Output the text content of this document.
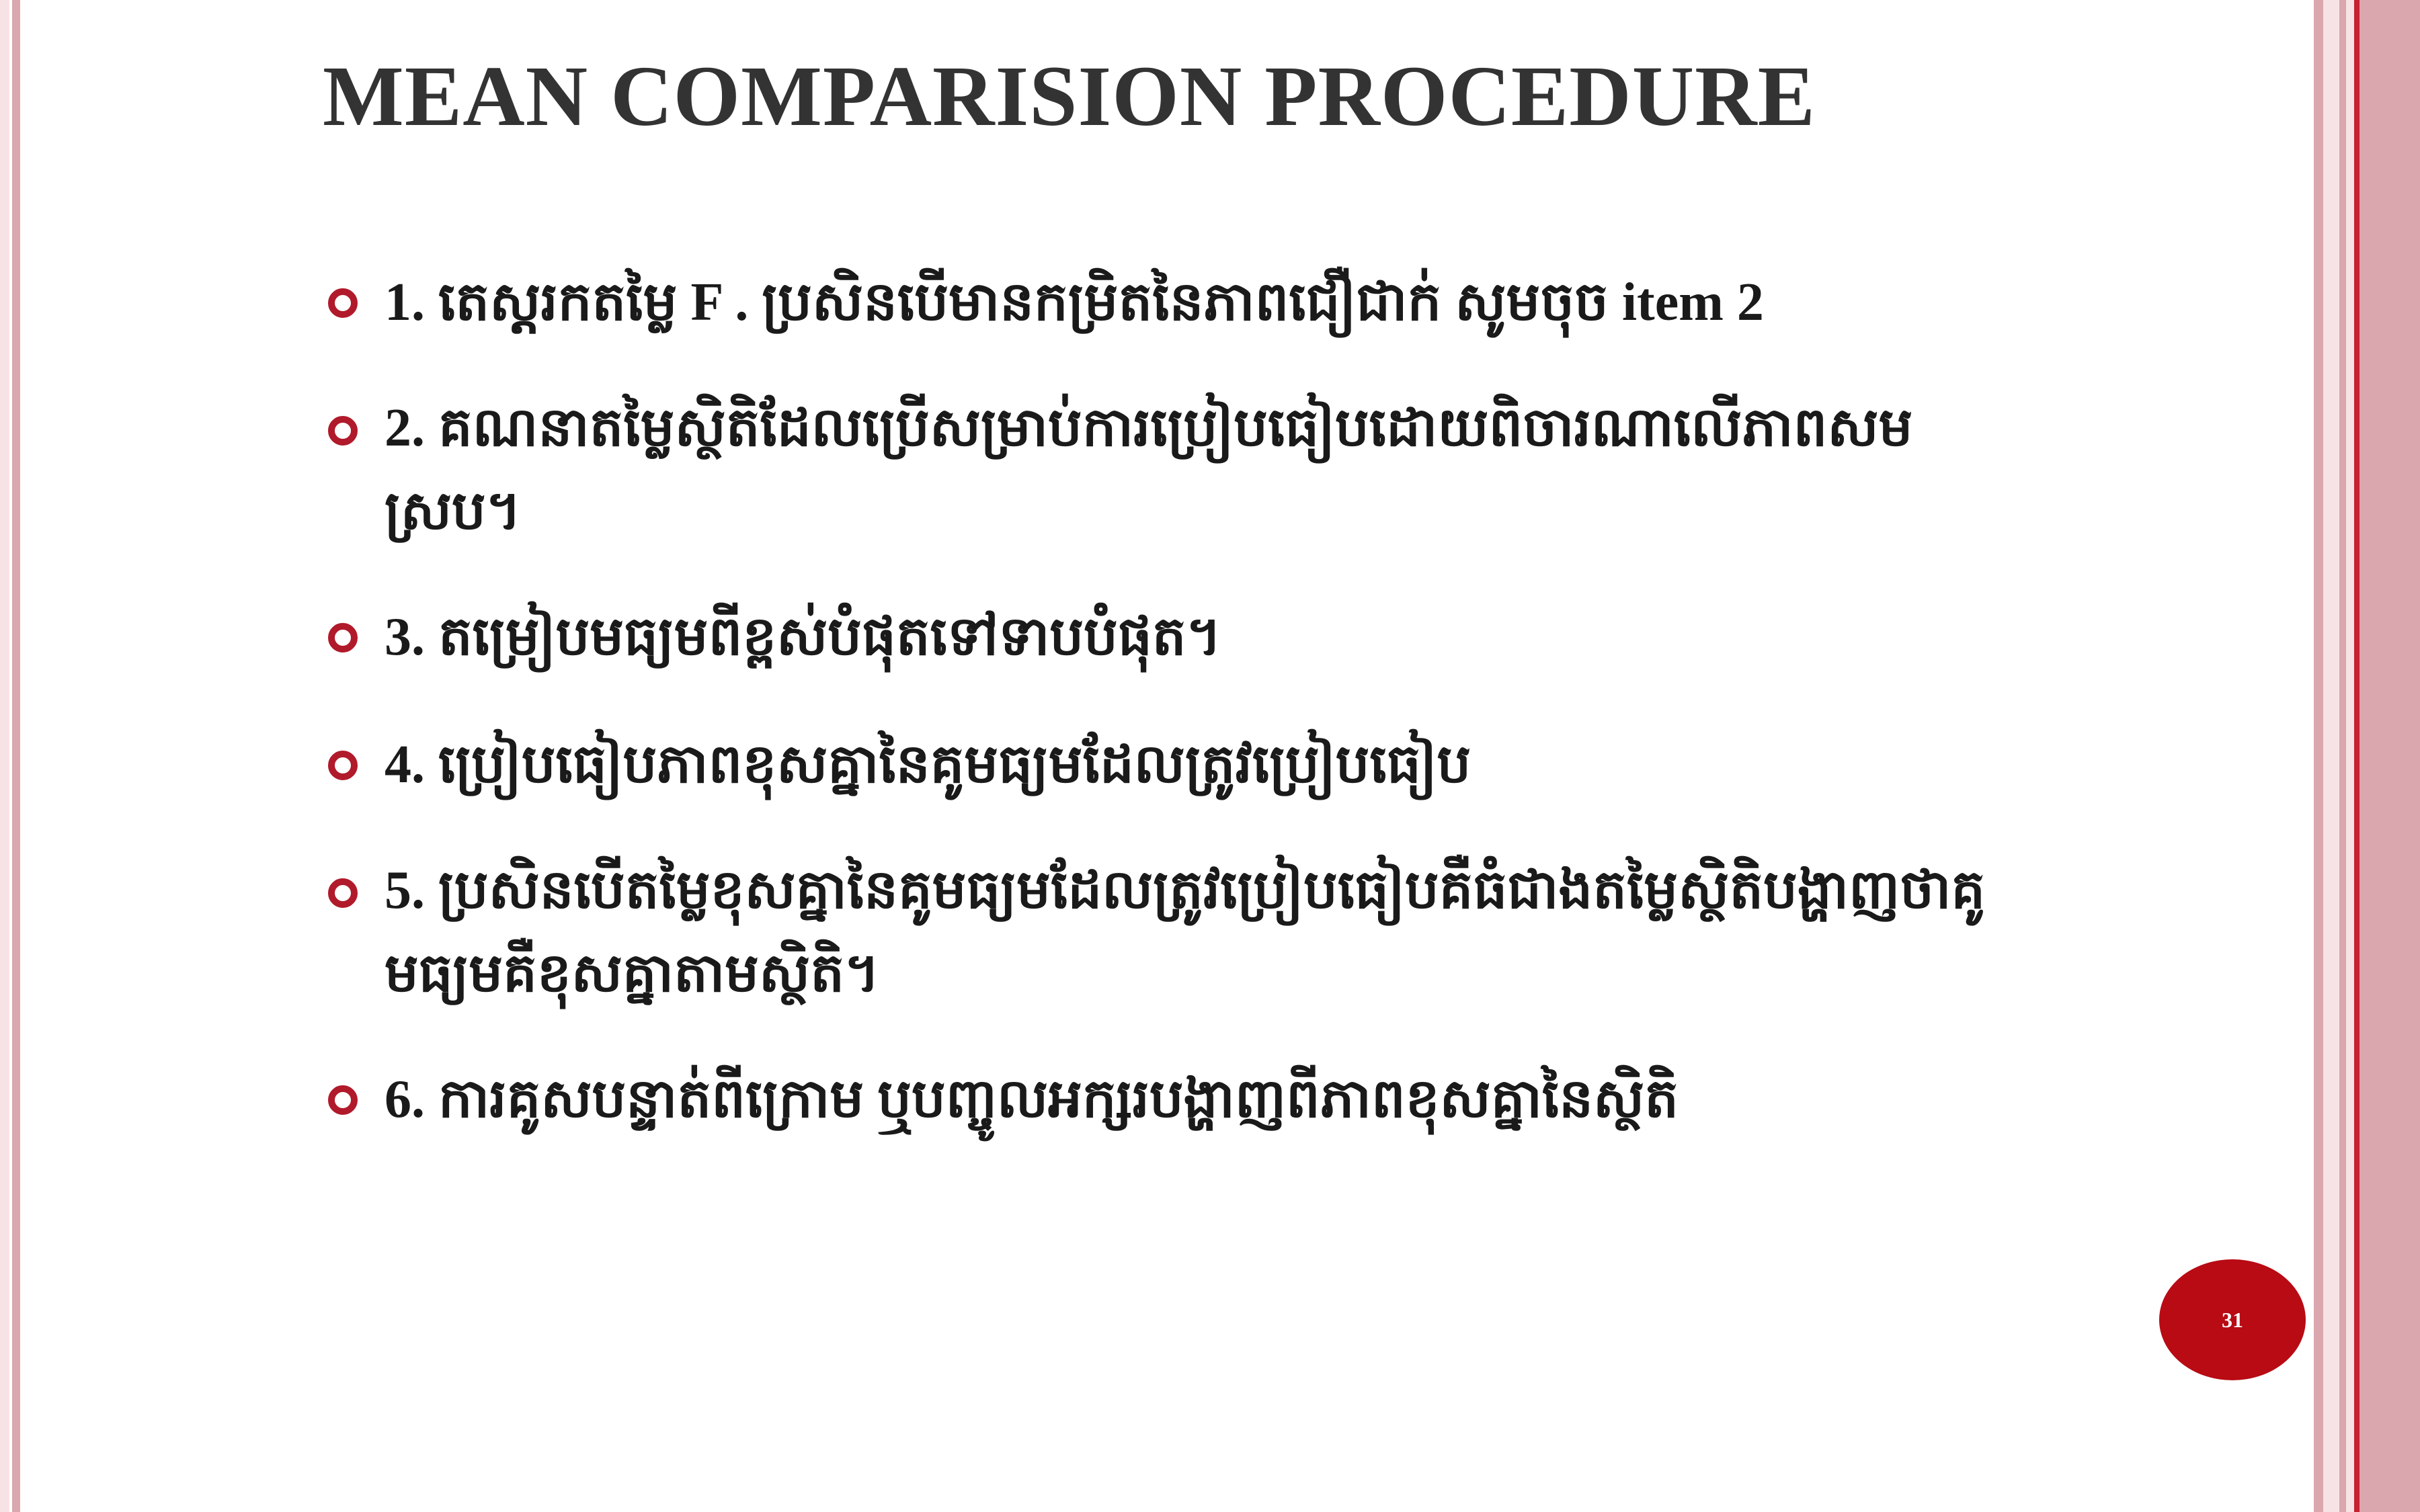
MEAN COMPARISION PROCEDURE
1. តេស្តរកតម្លៃ F . ប្រសិនបើមានកម្រិតនៃភាពជឿជាក់ សូមចុច item 2
2. គណនាតម្លៃស្ថិតិដែលប្រើសម្រាប់ការប្រៀបធៀបដោយពិចារណាលើភាពសមស្រប។
3. តម្រៀបមធ្យមពីខ្ពស់បំផុតទៅទាបបំផុត។
4. ប្រៀបធៀបភាពខុសគ្នានៃគូមធ្យមដែលត្រូវប្រៀបធៀប
5. ប្រសិនបើតម្លៃខុសគ្នានៃគូមធ្យមដែលត្រូវប្រៀបធៀបគឺធំជាងតម្លៃស្ថិតិបង្ហាញថាគូមធ្យមគឺខុសគ្នាតាមស្ថិតិ។
6. ការគូសបន្ទាត់ពីក្រោម ឬបញ្ចូលអក្សរបង្ហាញពីភាពខុសគ្នានៃស្ថិតិ
31
